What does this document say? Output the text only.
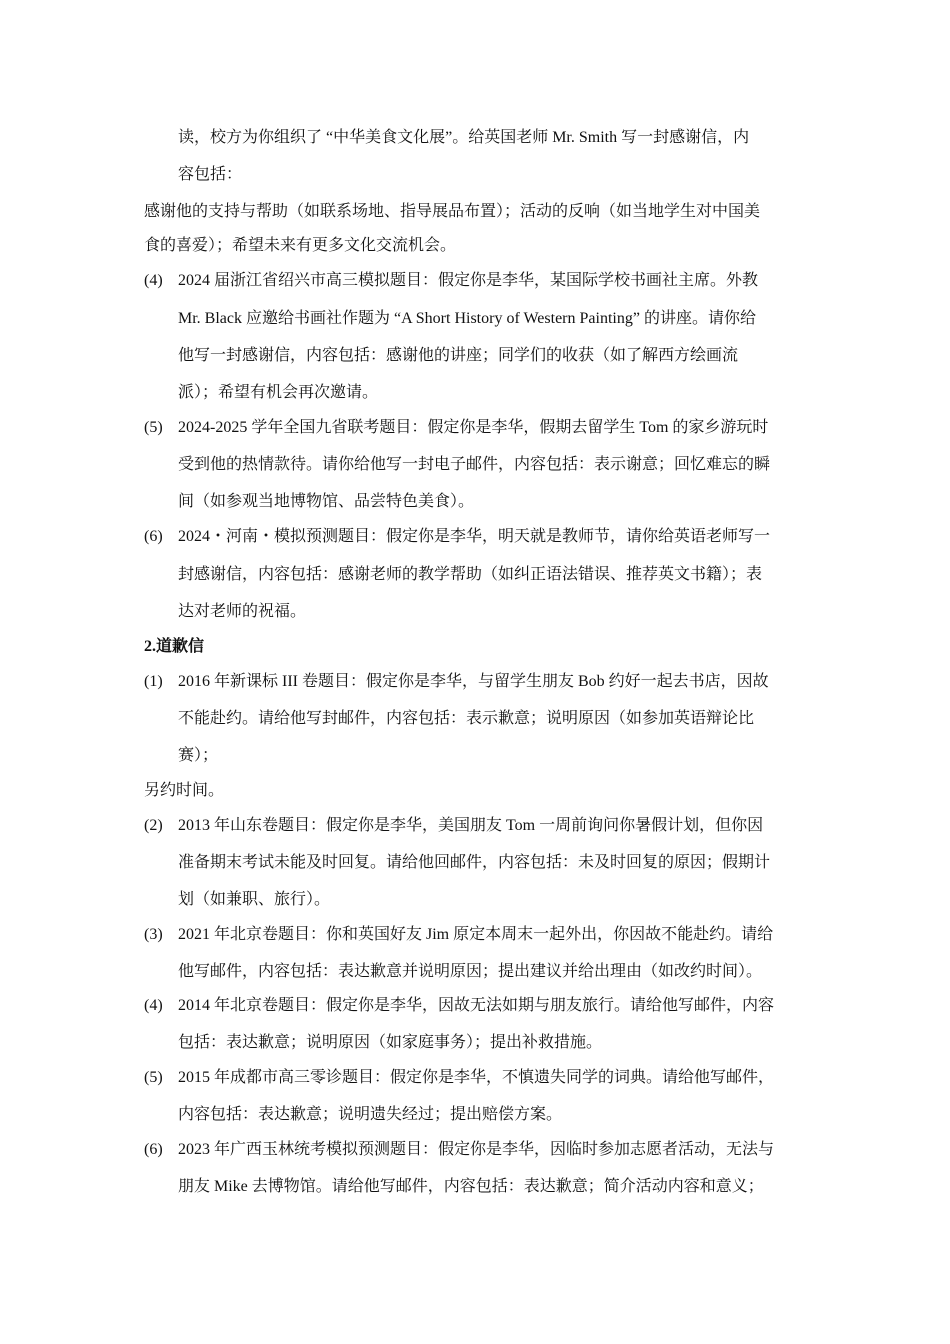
读，校方为你组织了 “中华美食文化展”。给英国老师 Mr. Smith 写一封感谢信，内
容包括：
感谢他的支持与帮助（如联系场地、指导展品布置）；活动的反响（如当地学生对中国美
食的喜爱）；希望未来有更多文化交流机会。
(4) 2024 届浙江省绍兴市高三模拟题目：假定你是李华，某国际学校书画社主席。外教
Mr. Black 应邀给书画社作题为 “A Short History of Western Painting” 的讲座。请你给
他写一封感谢信，内容包括：感谢他的讲座；同学们的收获（如了解西方绘画流
派）；希望有机会再次邀请。
(5) 2024-2025 学年全国九省联考题目：假定你是李华，假期去留学生 Tom 的家乡游玩时
受到他的热情款待。请你给他写一封电子邮件，内容包括：表示谢意；回忆难忘的瞬
间（如参观当地博物馆、品尝特色美食）。
(6) 2024・河南・模拟预测题目：假定你是李华，明天就是教师节，请你给英语老师写一
封感谢信，内容包括：感谢老师的教学帮助（如纠正语法错误、推荐英文书籍）；表
达对老师的祝福。
2.道歉信
(1) 2016 年新课标 III 卷题目：假定你是李华，与留学生朋友 Bob 约好一起去书店，因故
不能赴约。请给他写封邮件，内容包括：表示歉意；说明原因（如参加英语辩论比
赛）；
另约时间。
(2) 2013 年山东卷题目：假定你是李华，美国朋友 Tom 一周前询问你暑假计划，但你因
准备期末考试未能及时回复。请给他回邮件，内容包括：未及时回复的原因；假期计
划（如兼职、旅行）。
(3) 2021 年北京卷题目：你和英国好友 Jim 原定本周末一起外出，你因故不能赴约。请给
他写邮件，内容包括：表达歉意并说明原因；提出建议并给出理由（如改约时间）。
(4) 2014 年北京卷题目：假定你是李华，因故无法如期与朋友旅行。请给他写邮件，内容
包括：表达歉意；说明原因（如家庭事务）；提出补救措施。
(5) 2015 年成都市高三零诊题目：假定你是李华，不慎遗失同学的词典。请给他写邮件，
内容包括：表达歉意；说明遗失经过；提出赔偿方案。
(6) 2023 年广西玉林统考模拟预测题目：假定你是李华，因临时参加志愿者活动，无法与
朋友 Mike 去博物馆。请给他写邮件，内容包括：表达歉意；简介活动内容和意义；
